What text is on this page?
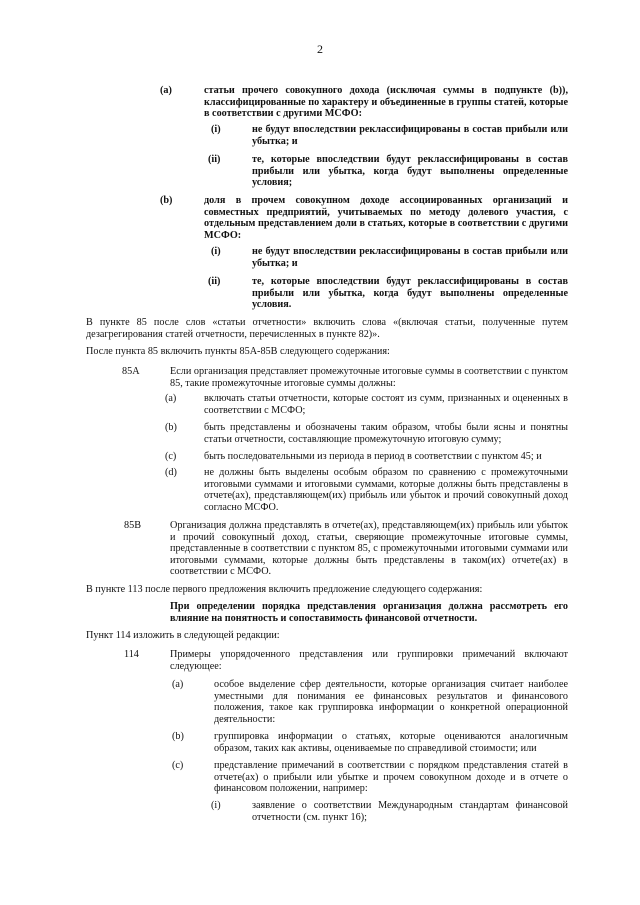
2
(a)	статьи прочего совокупного дохода (исключая суммы в подпункте (b)), классифицированные по характеру и объединенные в группы статей, которые в соответствии с другими МСФО:
(i)	не будут впоследствии реклассифицированы в состав прибыли или убытка; и
(ii)	те, которые впоследствии будут реклассифицированы в состав прибыли или убытка, когда будут выполнены определенные условия;
(b)	доля в прочем совокупном доходе ассоциированных организаций и совместных предприятий, учитываемых по методу долевого участия, с отдельным представлением доли в статьях, которые в соответствии с другими МСФО:
(i)	не будут впоследствии реклассифицированы в состав прибыли или убытка; и
(ii)	те, которые впоследствии будут реклассифицированы в состав прибыли или убытка, когда будут выполнены определенные условия.
В пункте 85 после слов «статьи отчетности» включить слова «(включая статьи, полученные путем дезагрегирования статей отчетности, перечисленных в пункте 82)».
После пункта 85 включить пункты 85А-85В следующего содержания:
85A	Если организация представляет промежуточные итоговые суммы в соответствии с пунктом 85, такие промежуточные итоговые суммы должны:
(a)	включать статьи отчетности, которые состоят из сумм, признанных и оцененных в соответствии с МСФО;
(b)	быть представлены и обозначены таким образом, чтобы были ясны и понятны статьи отчетности, составляющие промежуточную итоговую сумму;
(c)	быть последовательными из периода в период в соответствии с пунктом 45; и
(d)	не должны быть выделены особым образом по сравнению с промежуточными итоговыми суммами и итоговыми суммами, которые должны быть представлены в отчете(ах), представляющем(их) прибыль или убыток и прочий совокупный доход согласно МСФО.
85B	Организация должна представлять в отчете(ах), представляющем(их) прибыль или убыток и прочий совокупный доход, статьи, сверяющие промежуточные итоговые суммы, представленные в соответствии с пунктом 85, с промежуточными итоговыми суммами или итоговыми суммами, которые должны быть представлены в таком(их) отчете(ах) в соответствии с МСФО.
В пункте 113 после первого предложения включить предложение следующего содержания:
При определении порядка представления организация должна рассмотреть его влияние на понятность и сопоставимость финансовой отчетности.
Пункт 114 изложить в следующей редакции:
114	Примеры упорядоченного представления или группировки примечаний включают следующее:
(a)	особое выделение сфер деятельности, которые организация считает наиболее уместными для понимания ее финансовых результатов и финансового положения, такое как группировка информации о конкретной операционной деятельности:
(b)	группировка информации о статьях, которые оцениваются аналогичным образом, таких как активы, оцениваемые по справедливой стоимости; или
(c)	представление примечаний в соответствии с порядком представления статей в отчете(ах) о прибыли или убытке и прочем совокупном доходе и в отчете о финансовом положении, например:
(i)	заявление о соответствии Международным стандартам финансовой отчетности (см. пункт 16);
